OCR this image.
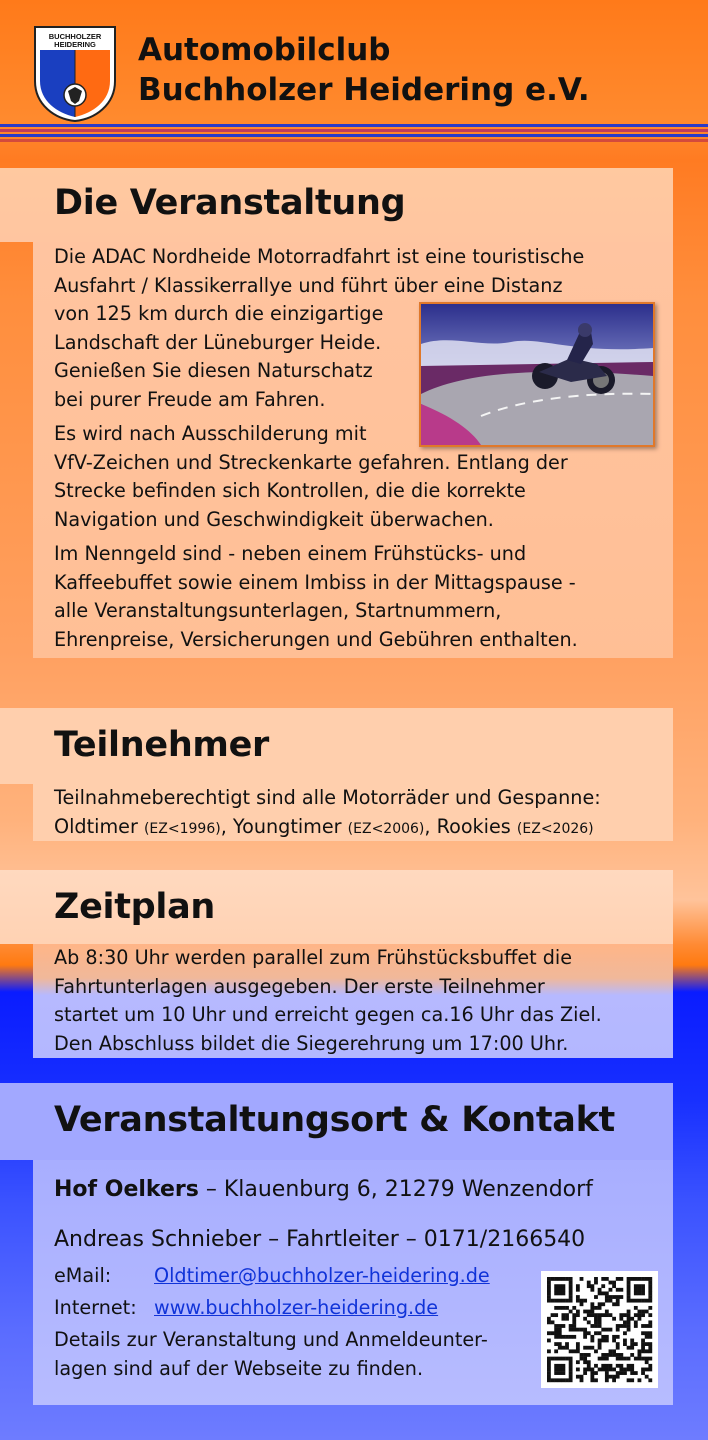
BUCHHOLZER
HEIDERING Automobilclub
Buchholzer Heidering e.V.
Die Veranstaltung

Die ADAC Nordheide Motorradfahrt ist eine touristische
Ausfahrt / Klassikerrallye und führt über eine Distanz
von 125 km durch die einzigartige
Landschaft der Lüneburger Heide.
Genießen Sie diesen Naturschatz
bei purer Freude am Fahren.

Es wird nach Ausschilderung mit
VfV-Zeichen und Streckenkarte gefahren. Entlang der
Strecke befinden sich Kontrollen, die die korrekte
Navigation und Geschwindigkeit überwachen.

Im Nenngeld sind - neben einem Frühstücks- und
Kaffeebuffet sowie einem Imbiss in der Mittagspause -
alle Veranstaltungsunterlagen, Startnummern,
Ehrenpreise, Versicherungen und Gebühren enthalten.

Teilnehmer
Teilnahmeberechtigt sind alle Motorräder und Gespanne:
Oldtimer (EZ<1996), Youngtimer (EZ<2006), Rookies (EZ<2026)
Zeitplan
Ab 8:30 Uhr werden parallel zum Frühstücksbuffet die
Fahrtunterlagen ausgegeben. Der erste Teilnehmer
startet um 10 Uhr und erreicht gegen ca.16 Uhr das Ziel.
Den Abschluss bildet die Siegerehrung um 17:00 Uhr.
Veranstaltungsort & Kontakt
Hof Oelkers – Klauenburg 6, 21279 Wenzendorf
Andreas Schnieber – Fahrtleiter – 0171/2166540
eMail: Oldtimer@buchholzer-heidering.de
Internet: www.buchholzer-heidering.de
Details zur Veranstaltung und Anmeldeunter-
lagen sind auf der Webseite zu finden.
